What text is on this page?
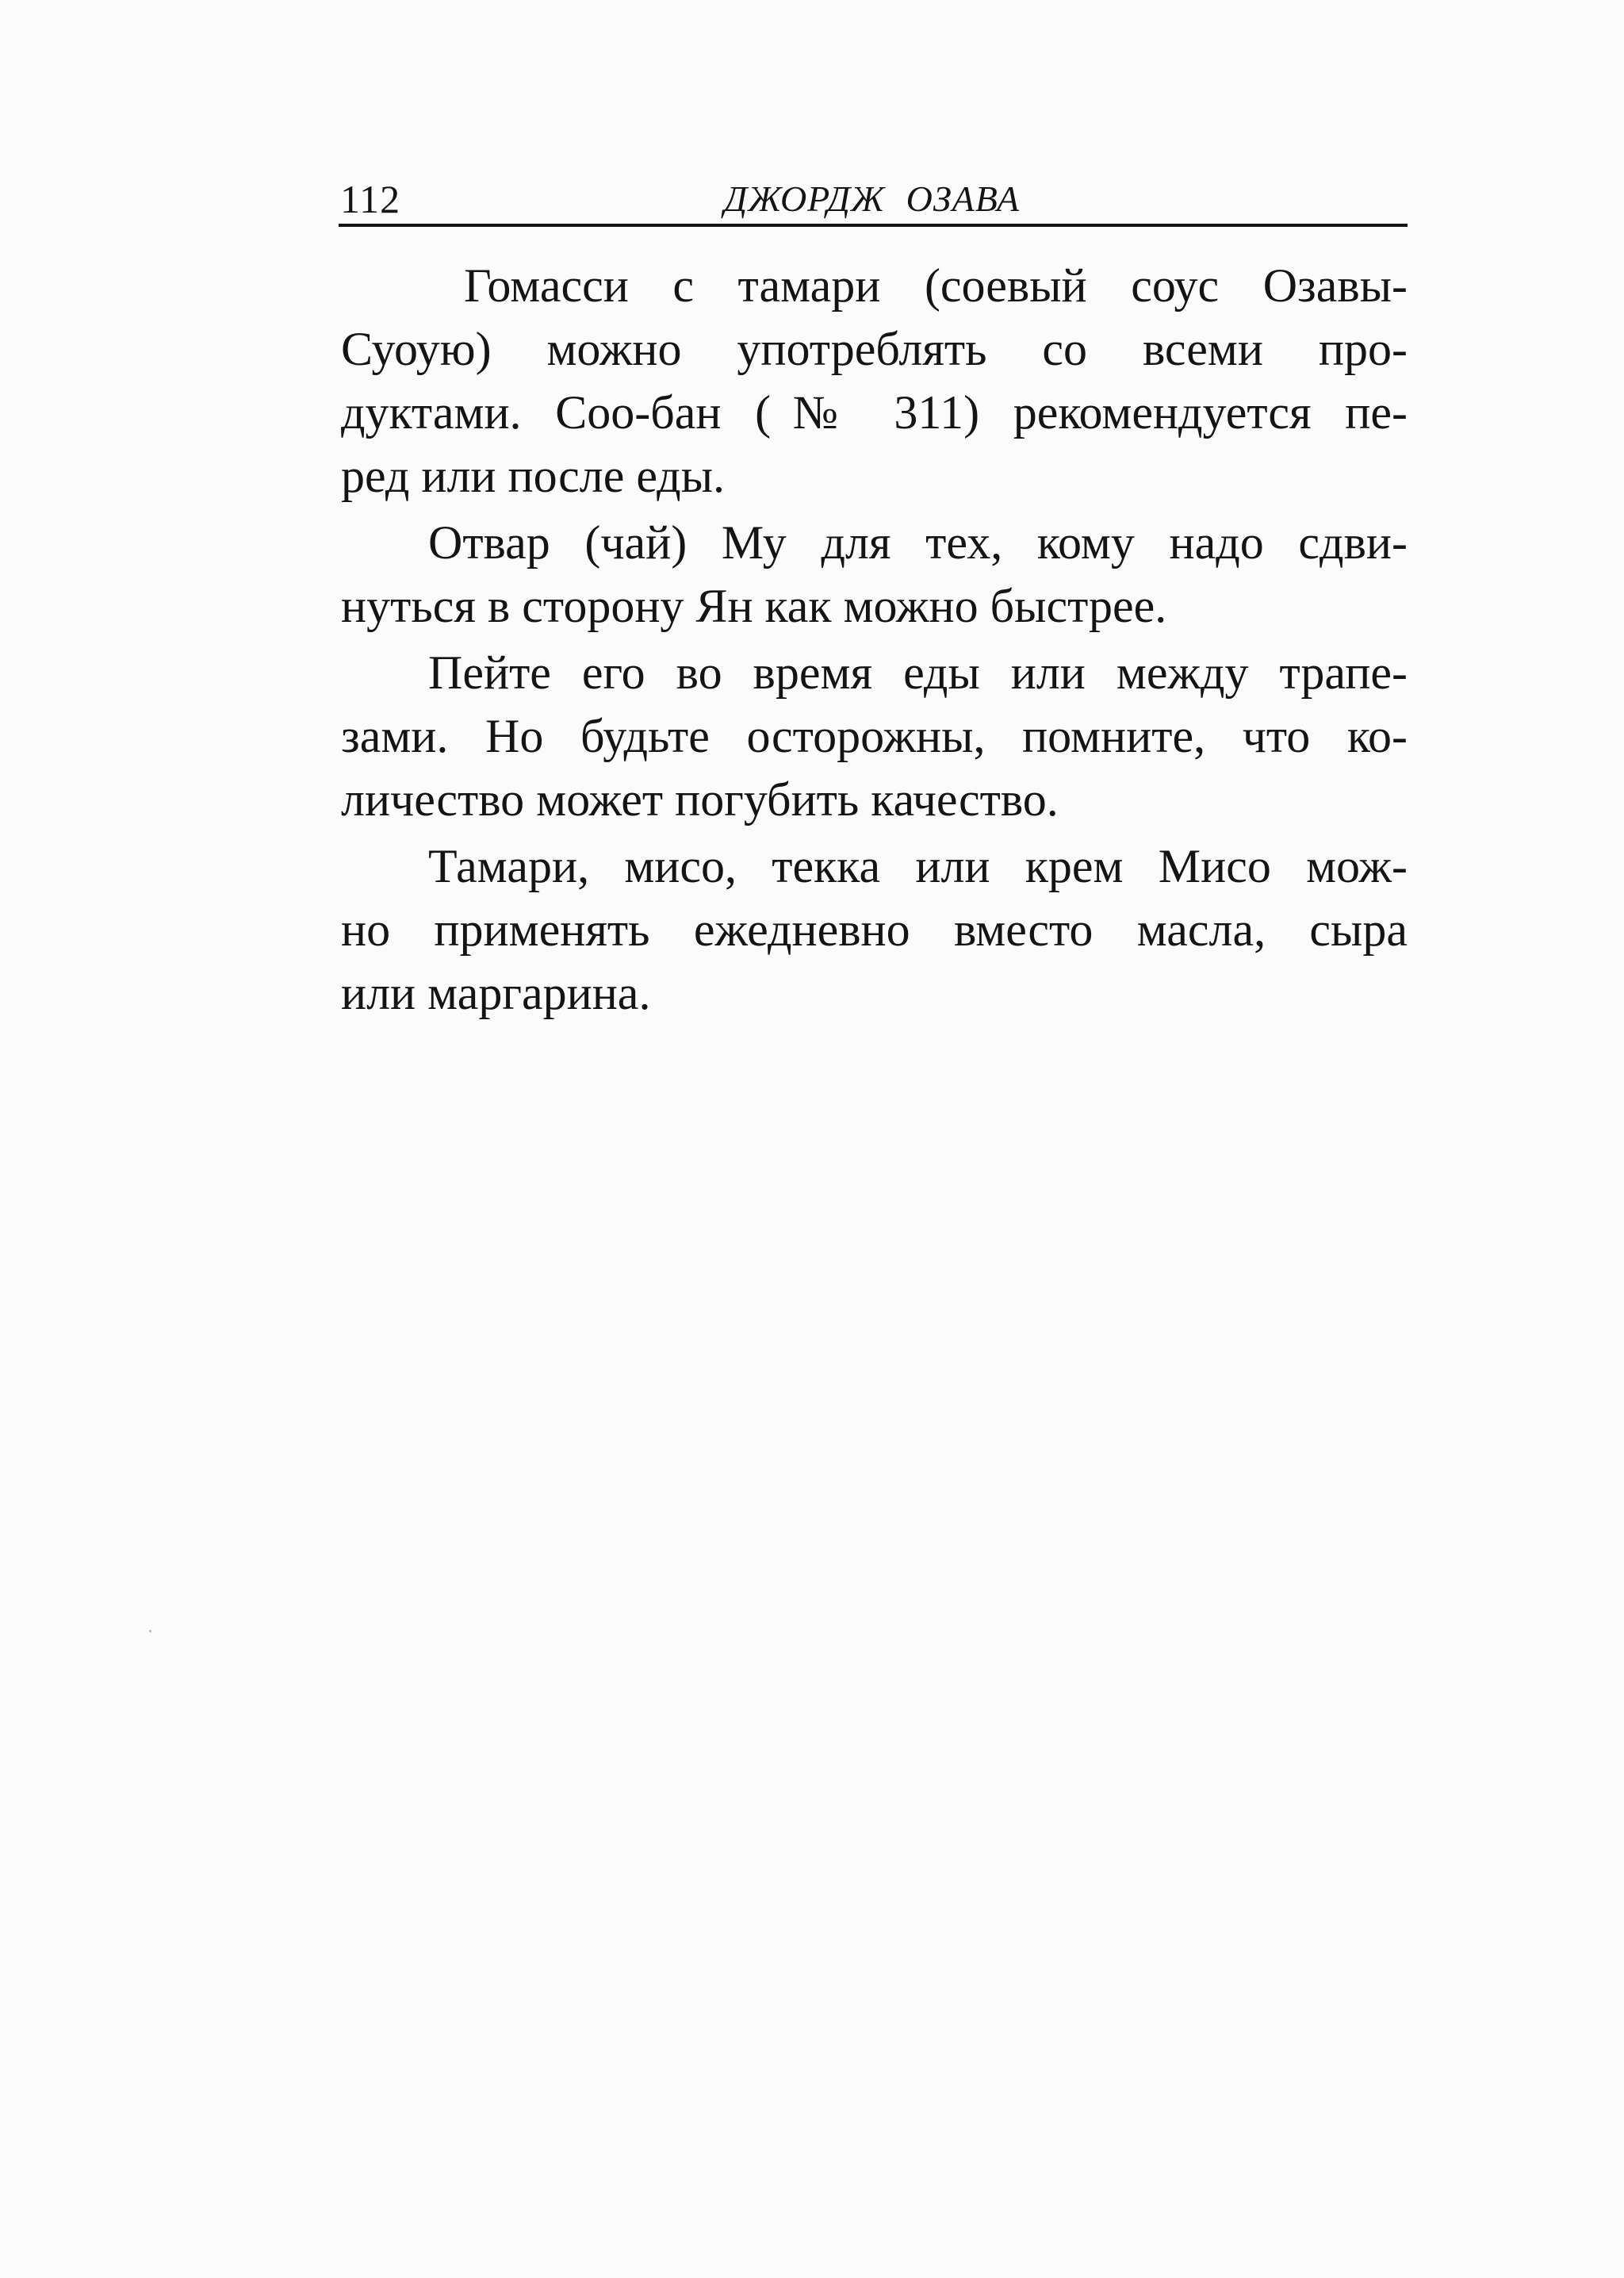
112	ДЖОРДЖ ОЗАВА
Гомасси с тамари (соевый соус Озавы-
Суоую) можно употреблять со всеми про-
дуктами. Соо-бан (№ 311) рекомендуется пе-
ред или после еды.
Отвар (чай) Му для тех, кому надо сдви-
нуться в сторону Ян как можно быстрее.
Пейте его во время еды или между трапе-
зами. Но будьте осторожны, помните, что ко-
личество может погубить качество.
Тамари, мисо, текка или крем Мисо мож-
но применять ежедневно вместо масла, сыра
или маргарина.
